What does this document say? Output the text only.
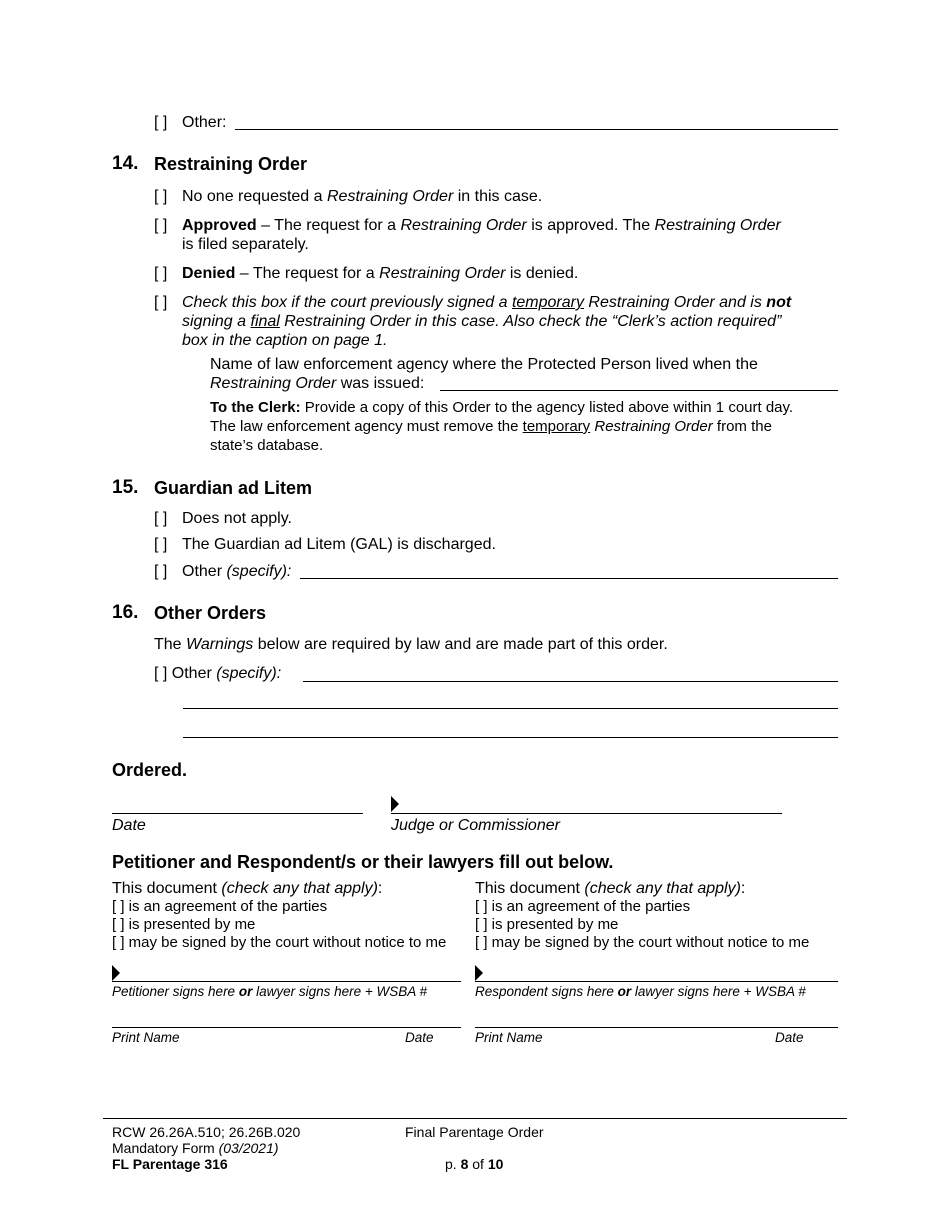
[ ] Other:
14. Restraining Order
[ ] No one requested a Restraining Order in this case.
[ ] Approved – The request for a Restraining Order is approved. The Restraining Order
is filed separately.
[ ] Denied – The request for a Restraining Order is denied.
[ ] Check this box if the court previously signed a temporary Restraining Order and is not
signing a final Restraining Order in this case. Also check the “Clerk’s action required”
box in the caption on page 1.
Name of law enforcement agency where the Protected Person lived when the
Restraining Order was issued:
To the Clerk: Provide a copy of this Order to the agency listed above within 1 court day.
The law enforcement agency must remove the temporary Restraining Order from the
state’s database.
15. Guardian ad Litem
[ ] Does not apply.
[ ] The Guardian ad Litem (GAL) is discharged.
[ ] Other (specify):
16. Other Orders
The Warnings below are required by law and are made part of this order.
[ ] Other (specify):
Ordered.
Date	Judge or Commissioner
Petitioner and Respondent/s or their lawyers fill out below.
This document (check any that apply):
[ ] is an agreement of the parties
[ ] is presented by me
[ ] may be signed by the court without notice to me
Petitioner signs here or lawyer signs here + WSBA #
Print Name	Date
This document (check any that apply):
[ ] is an agreement of the parties
[ ] is presented by me
[ ] may be signed by the court without notice to me
Respondent signs here or lawyer signs here + WSBA #
Print Name	Date
RCW 26.26A.510; 26.26B.020
Mandatory Form (03/2021)
FL Parentage 316
Final Parentage Order
p. 8 of 10
